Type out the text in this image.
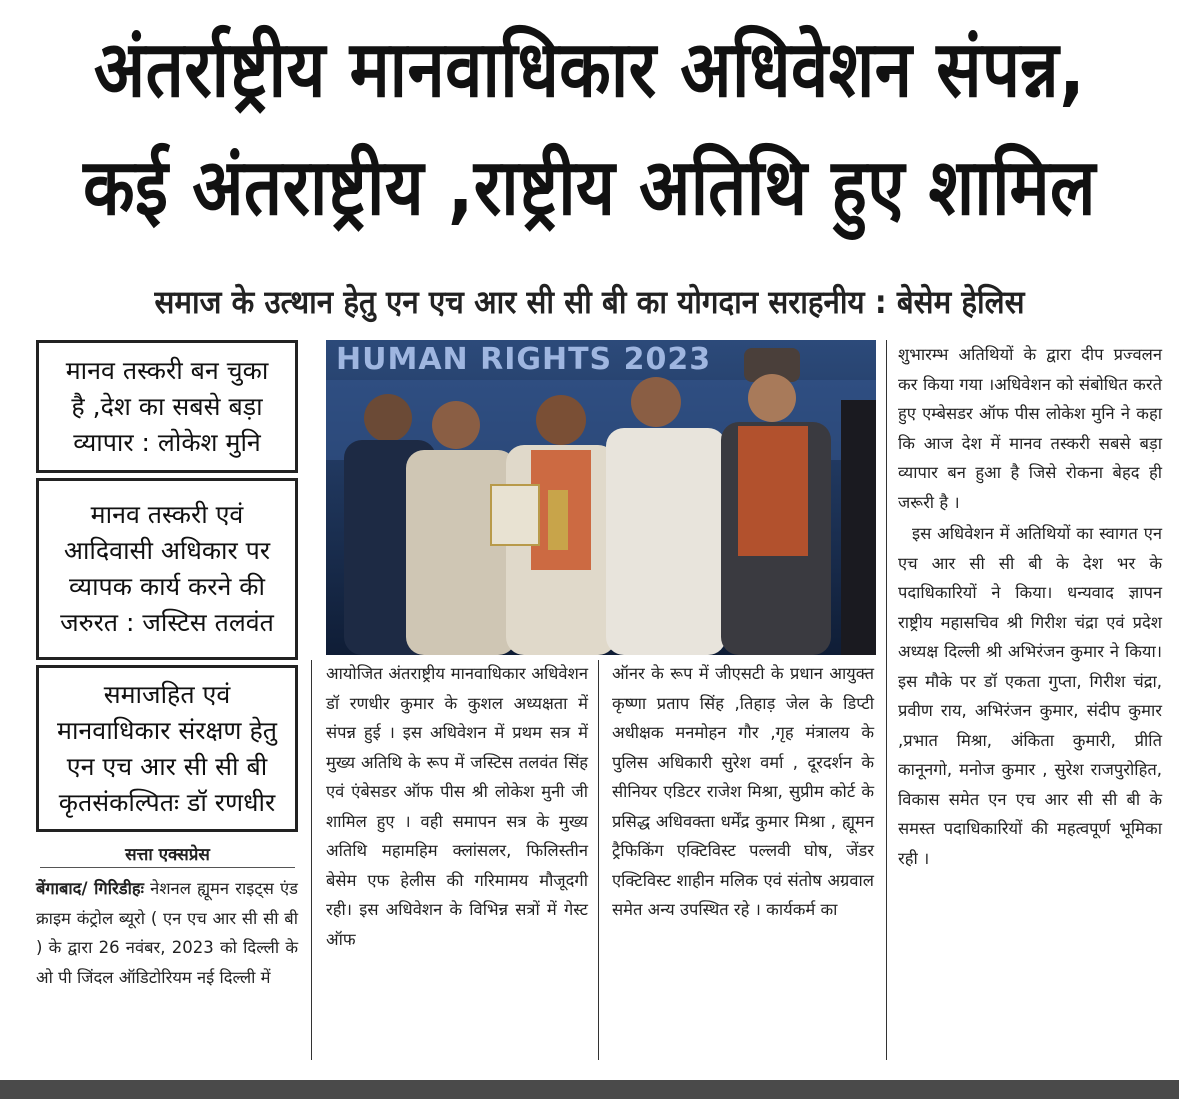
अंतर्राष्ट्रीय मानवाधिकार अधिवेशन संपन्न,
कई अंतराष्ट्रीय ,राष्ट्रीय अतिथि हुए शामिल
समाज के उत्थान हेतु एन एच आर सी सी बी का योगदान सराहनीय : बेसेम हेलिस
मानव तस्करी बन चुका
है ,देश का सबसे बड़ा
व्यापार : लोकेश मुनि
मानव तस्करी एवं
आदिवासी अधिकार पर
व्यापक कार्य करने की
जरुरत : जस्टिस तलवंत
समाजहित एवं
मानवाधिकार संरक्षण हेतु
एन एच आर सी सी बी
कृतसंकल्पितः डॉ रणधीर
सत्ता एक्सप्रेस
HUMAN RIGHTS 2023
बेंगाबाद/ गिरिडीहः नेशनल ह्यूमन राइट्स एंड क्राइम कंट्रोल ब्यूरो ( एन एच आर सी सी बी ) के द्वारा 26 नवंबर, 2023 को दिल्ली के ओ पी जिंदल ऑडिटोरियम नई दिल्ली में
आयोजित अंतराष्ट्रीय मानवाधिकार अधिवेशन डॉ रणधीर कुमार के कुशल अध्यक्षता में संपन्न हुई । इस अधिवेशन में प्रथम सत्र में मुख्य अतिथि के रूप में जस्टिस तलवंत सिंह एवं एंबेसडर ऑफ पीस श्री लोकेश मुनी जी शामिल हुए । वही समापन सत्र के मुख्य अतिथि महामहिम क्लांसलर, फिलिस्तीन बेसेम एफ हेलीस की गरिमामय मौजूदगी रही। इस अधिवेशन के विभिन्न सत्रों में गेस्ट ऑफ
ऑनर के रूप में जीएसटी के प्रधान आयुक्त कृष्णा प्रताप सिंह ,तिहाड़ जेल के डिप्टी अधीक्षक मनमोहन गौर ,गृह मंत्रालय के पुलिस अधिकारी सुरेश वर्मा , दूरदर्शन के सीनियर एडिटर राजेश मिश्रा, सुप्रीम कोर्ट के प्रसिद्ध अधिवक्ता धर्मेंद्र कुमार मिश्रा , ह्यूमन ट्रैफिकिंग एक्टिविस्ट पल्लवी घोष, जेंडर एक्टिविस्ट शाहीन मलिक एवं संतोष अग्रवाल समेत अन्य उपस्थित रहे । कार्यकर्म का
शुभारम्भ अतिथियों के द्वारा दीप प्रज्वलन कर किया गया ।अधिवेशन को संबोधित करते हुए एम्बेसडर ऑफ पीस लोकेश मुनि ने कहा कि आज देश में मानव तस्करी सबसे बड़ा व्यापार बन हुआ है जिसे रोकना बेहद ही जरूरी है ।
इस अधिवेशन में अतिथियों का स्वागत एन एच आर सी सी बी के देश भर के पदाधिकारियों ने किया। धन्यवाद ज्ञापन राष्ट्रीय महासचिव श्री गिरीश चंद्रा एवं प्रदेश अध्यक्ष दिल्ली श्री अभिरंजन कुमार ने किया। इस मौके पर डॉ एकता गुप्ता, गिरीश चंद्रा, प्रवीण राय, अभिरंजन कुमार, संदीप कुमार ,प्रभात मिश्रा, अंकिता कुमारी, प्रीति कानूनगो, मनोज कुमार , सुरेश राजपुरोहित, विकास समेत एन एच आर सी सी बी के समस्त पदाधिकारियों की महत्वपूर्ण भूमिका रही ।
